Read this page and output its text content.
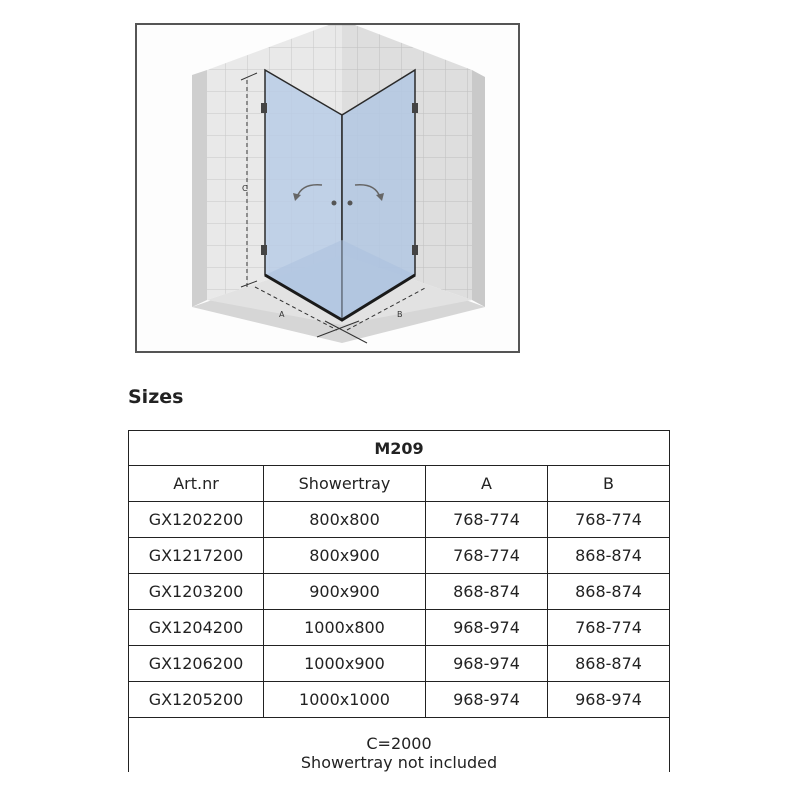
C
A	B
Sizes
M209			
Art.nr	Showertray	A	B
GX1202200	800x800	768-774	768-774
GX1217200	800x900	768-774	868-874
GX1203200	900x900	868-874	868-874
GX1204200	1000x800	968-974	768-774
GX1206200	1000x900	968-974	868-874
GX1205200	1000x1000	968-974	968-974

C=2000
Showertray not included			
